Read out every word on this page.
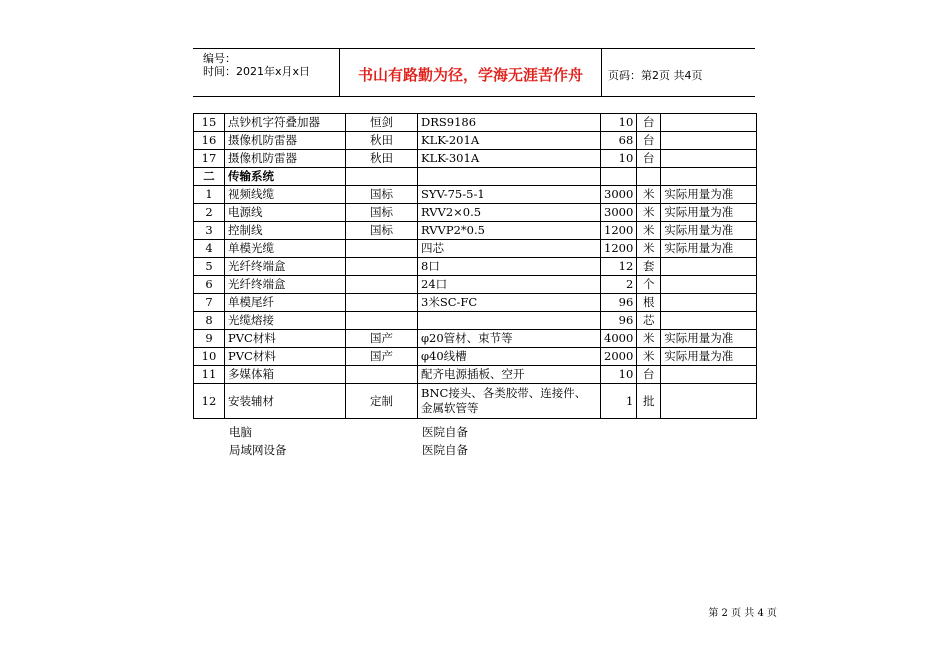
编号：
时间：2021年x月x日	书山有路勤为径，学海无涯苦作舟	页码：第2页 共4页
15	点钞机字符叠加器	恒剑	DRS9186	10	台	
16	摄像机防雷器	秋田	KLK-201A	68	台	
17	摄像机防雷器	秋田	KLK-301A	10	台	
二	传输系统					
1	视频线缆	国标	SYV-75-5-1	3000	米	实际用量为准
2	电源线	国标	RVV2×0.5	3000	米	实际用量为准
3	控制线	国标	RVVP2*0.5	1200	米	实际用量为准
4	单模光缆		四芯	1200	米	实际用量为准
5	光纤终端盒		8口	12	套	
6	光纤终端盒		24口	2	个	
7	单模尾纤		3米SC-FC	96	根	
8	光缆熔接			96	芯	
9	PVC材料	国产	φ20管材、束节等	4000	米	实际用量为准
10	PVC材料	国产	φ40线槽	2000	米	实际用量为准
11	多媒体箱		配齐电源插板、空开	10	台	
12	安装辅材	定制	BNC接头、各类胶带、连接件、金属软管等	1	批	
电脑	医院自备
局域网设备	医院自备
第 2 页 共 4 页
